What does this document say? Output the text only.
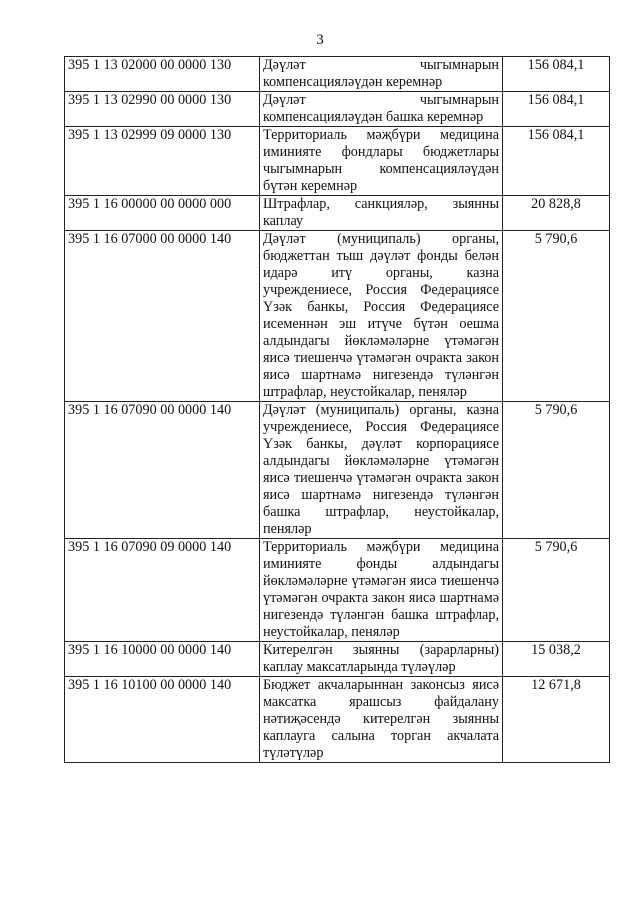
3
395 1 13 02000 00 0000 130	Дәүләт чыгымнарын компенсацияләүдән керемнәр	156 084,1
395 1 13 02990 00 0000 130	Дәүләт чыгымнарын компенсацияләүдән башка керемнәр	156 084,1
395 1 13 02999 09 0000 130	Территориаль мәҗбүри медицина иминияте фондлары бюджетлары чыгымнарын компенсацияләүдән бүтән керемнәр	156 084,1
395 1 16 00000 00 0000 000	Штрафлар, санкцияләр, зыянны каплау	20 828,8
395 1 16 07000 00 0000 140	Дәүләт (муниципаль) органы, бюджеттан тыш дәүләт фонды белән идарә итү органы, казна учреждениесе, Россия Федерациясе Үзәк банкы, Россия Федерациясе исеменнән эш итүче бүтән оешма алдындагы йөкләмәләрне үтәмәгән яисә тиешенчә үтәмәгән очракта закон яисә шартнамә нигезендә түләнгән штрафлар, неустойкалар, пеняләр	5 790,6
395 1 16 07090 00 0000 140	Дәүләт (муниципаль) органы, казна учреждениесе, Россия Федерациясе Үзәк банкы, дәүләт корпорациясе алдындагы йөкләмәләрне үтәмәгән яисә тиешенчә үтәмәгән очракта закон яисә шартнамә нигезендә түләнгән башка штрафлар, неустойкалар, пеняләр	5 790,6
395 1 16 07090 09 0000 140	Территориаль мәҗбүри медицина иминияте фонды алдындагы йөкләмәләрне үтәмәгән яисә тиешенчә үтәмәгән очракта закон яисә шартнамә нигезендә түләнгән башка штрафлар, неустойкалар, пеняләр	5 790,6
395 1 16 10000 00 0000 140	Китерелгән зыянны (зарарларны) каплау максатларында түләүләр	15 038,2
395 1 16 10100 00 0000 140	Бюджет акчаларыннан законсыз яисә максатка ярашсыз файдалану нәтиҗәсендә китерелгән зыянны каплауга салына торган акчалата түләтүләр	12 671,8
